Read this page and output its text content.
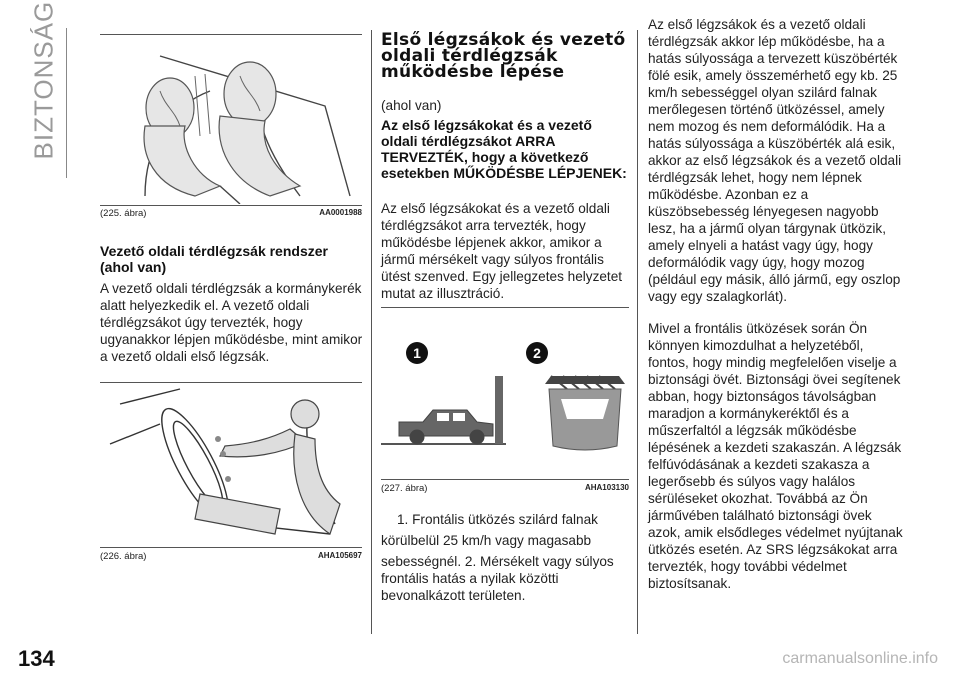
BIZTONSÁG
(225. ábra)	AA0001988
Vezető oldali térdlégzsák rendszer (ahol van)
A vezető oldali térdlégzsák a kormánykerék alatt helyezkedik el. A vezető oldali térdlégzsákot úgy tervezték, hogy ugyanakkor lépjen működésbe, mint amikor a vezető oldali első légzsák.
(226. ábra)	AHA105697
Első légzsákok és vezető oldali térdlégzsák működésbe lépése
(ahol van)
Az első légzsákokat és a vezető oldali térdlégzsákot ARRA TERVEZTÉK, hogy a következő esetekben MŰKÖDÉSBE LÉPJENEK:
Az első légzsákokat és a vezető oldali térdlégzsákot arra tervezték, hogy működésbe lépjenek akkor, amikor a jármű mérsékelt vagy súlyos frontális ütést szenved. Egy jellegzetes helyzetet mutat az illusztráció.
1	2
(227. ábra)	AHA103130

1. Frontális ütközés szilárd falnak

körülbelül 25 km/h vagy magasabb

sebességnél. 2. Mérsékelt vagy súlyos frontális hatás a nyilak közötti bevonalkázott területen.

Az első légzsákok és a vezető oldali térdlégzsák akkor lép működésbe, ha a hatás súlyossága a tervezett küszöbérték fölé esik, amely összemérhető egy kb. 25 km/h sebességgel olyan szilárd falnak merőlegesen történő ütközéssel, amely nem mozog és nem deformálódik. Ha a hatás súlyossága a küszöbérték alá esik, akkor az első légzsákok és a vezető oldali térdlégzsák lehet, hogy nem lépnek működésbe. Azonban ez a küszöbsebesség lényegesen nagyobb lesz, ha a jármű olyan tárgynak ütközik, amely elnyeli a hatást vagy úgy, hogy deformálódik vagy úgy, hogy mozog (például egy másik, álló jármű, egy oszlop vagy egy szalagkorlát).
Mivel a frontális ütközések során Ön könnyen kimozdulhat a helyzetéből, fontos, hogy mindig megfelelően viselje a biztonsági övét. Biztonsági övei segítenek abban, hogy biztonságos távolságban maradjon a kormánykeréktől és a műszerfaltól a légzsák működésbe lépésének a kezdeti szakaszán. A légzsák felfúvódásának a kezdeti szakasza a legerősebb és súlyos vagy halálos sérüléseket okozhat. Továbbá az Ön járművében található biztonsági övek azok, amik elsődleges védelmet nyújtanak ütközés esetén. Az SRS légzsákokat arra tervezték, hogy további védelmet biztosítsanak.
134	carmanualsonline.info
